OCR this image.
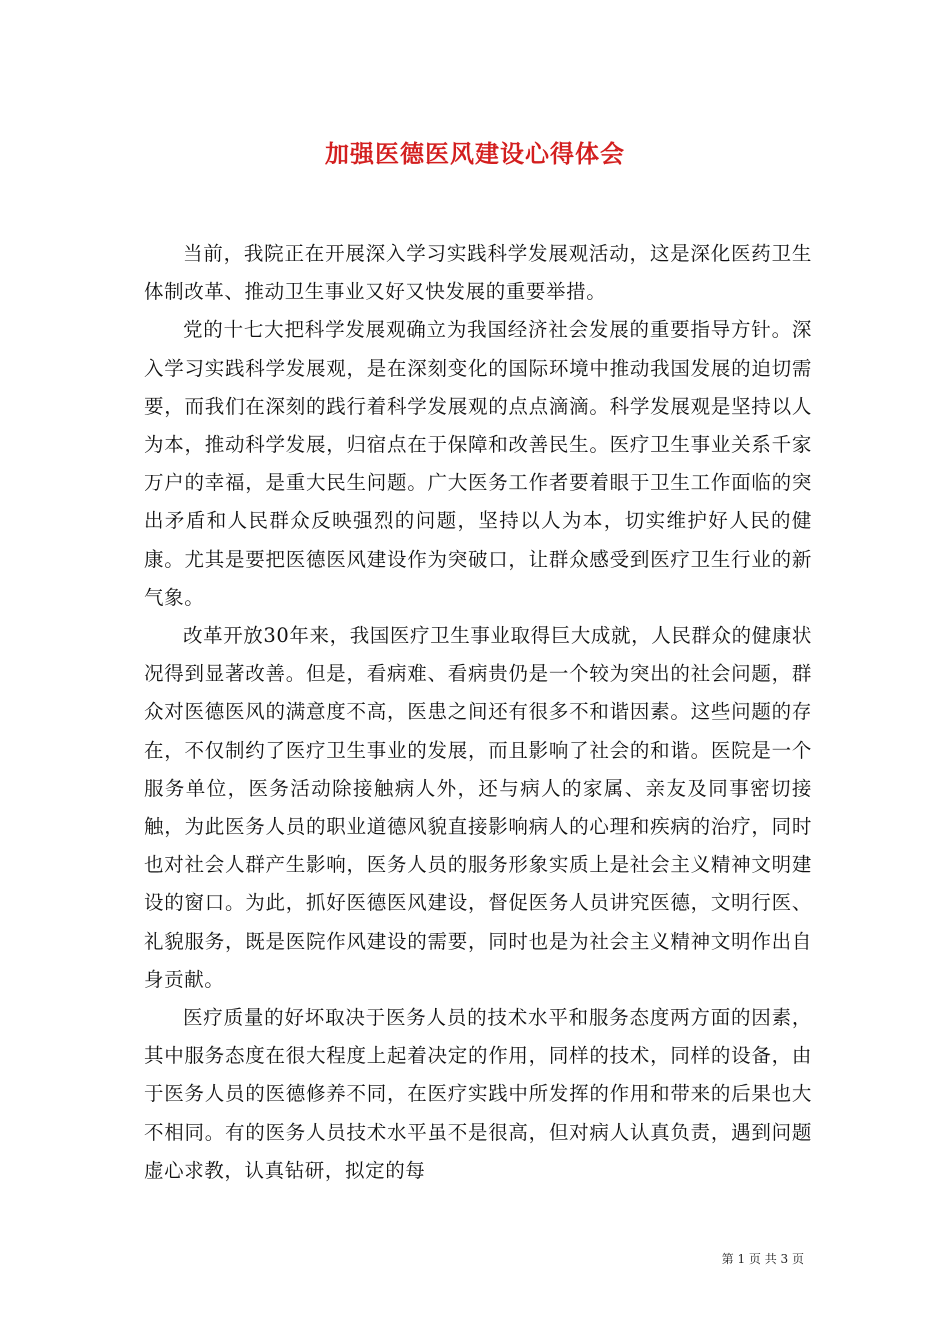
加强医德医风建设心得体会

当前，我院正在开展深入学习实践科学发展观活动，这是深化医药卫生体制改革、推动卫生事业又好又快发展的重要举措。

党的十七大把科学发展观确立为我国经济社会发展的重要指导方针。深入学习实践科学发展观，是在深刻变化的国际环境中推动我国发展的迫切需要，而我们在深刻的践行着科学发展观的点点滴滴。科学发展观是坚持以人为本，推动科学发展，归宿点在于保障和改善民生。医疗卫生事业关系千家万户的幸福，是重大民生问题。广大医务工作者要着眼于卫生工作面临的突出矛盾和人民群众反映强烈的问题，坚持以人为本，切实维护好人民的健康。尤其是要把医德医风建设作为突破口，让群众感受到医疗卫生行业的新气象。

改革开放30年来，我国医疗卫生事业取得巨大成就，人民群众的健康状况得到显著改善。但是，看病难、看病贵仍是一个较为突出的社会问题，群众对医德医风的满意度不高，医患之间还有很多不和谐因素。这些问题的存在，不仅制约了医疗卫生事业的发展，而且影响了社会的和谐。医院是一个服务单位，医务活动除接触病人外，还与病人的家属、亲友及同事密切接触，为此医务人员的职业道德风貌直接影响病人的心理和疾病的治疗，同时也对社会人群产生影响，医务人员的服务形象实质上是社会主义精神文明建设的窗口。为此，抓好医德医风建设，督促医务人员讲究医德，文明行医、礼貌服务，既是医院作风建设的需要，同时也是为社会主义精神文明作出自身贡献。

医疗质量的好坏取决于医务人员的技术水平和服务态度两方面的因素，其中服务态度在很大程度上起着决定的作用，同样的技术，同样的设备，由于医务人员的医德修养不同，在医疗实践中所发挥的作用和带来的后果也大不相同。有的医务人员技术水平虽不是很高，但对病人认真负责，遇到问题虚心求教，认真钻研，拟定的每

第 1 页 共 3 页
